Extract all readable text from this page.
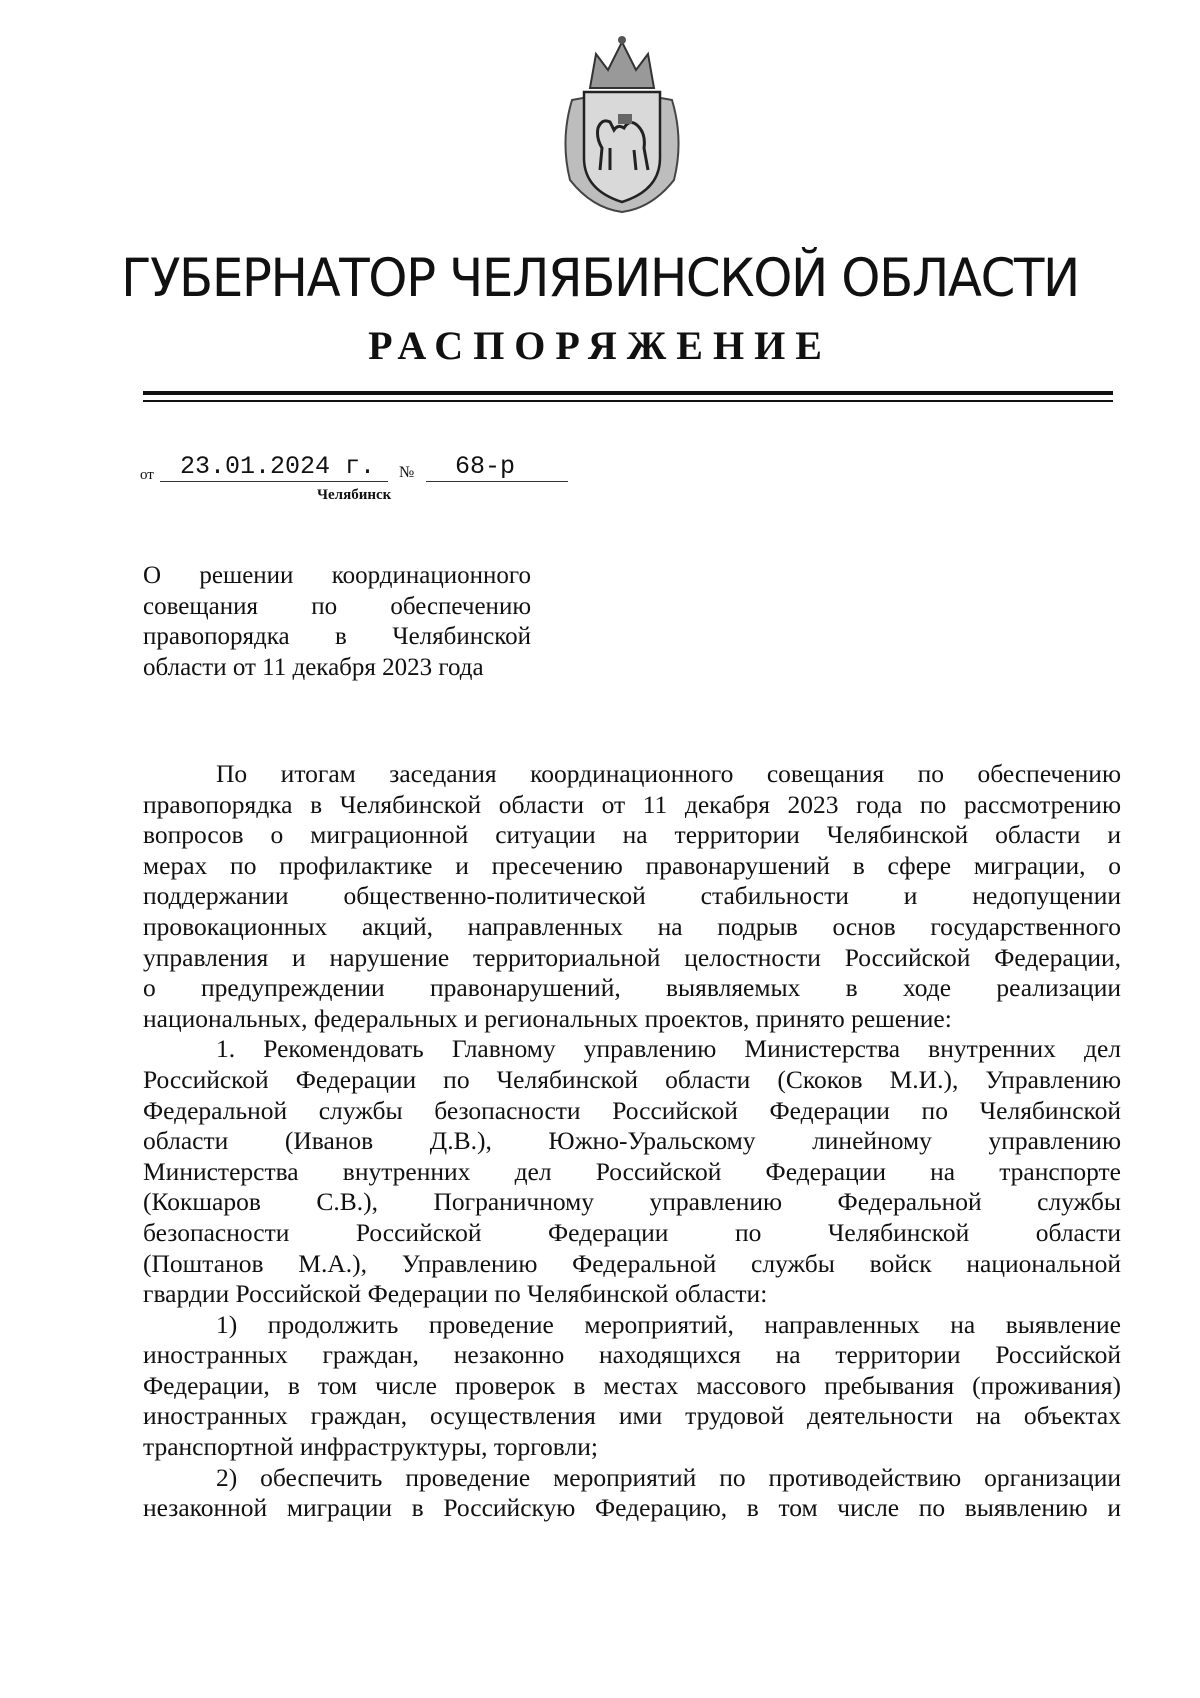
ГУБЕРНАТОР ЧЕЛЯБИНСКОЙ ОБЛАСТИ
РАСПОРЯЖЕНИЕ
от 23.01.2024 г. № 68-р
Челябинск
О решении координационного
совещания по обеспечению
правопорядка в Челябинской
области от 11 декабря 2023 года
По итогам заседания координационного совещания по обеспечению
правопорядка в Челябинской области от 11 декабря 2023 года по рассмотрению
вопросов о миграционной ситуации на территории Челябинской области и
мерах по профилактике и пресечению правонарушений в сфере миграции, о
поддержании общественно-политической стабильности и недопущении
провокационных акций, направленных на подрыв основ государственного
управления и нарушение территориальной целостности Российской Федерации,
о предупреждении правонарушений, выявляемых в ходе реализации
национальных, федеральных и региональных проектов, принято решение:
1. Рекомендовать Главному управлению Министерства внутренних дел
Российской Федерации по Челябинской области (Скоков М.И.), Управлению
Федеральной службы безопасности Российской Федерации по Челябинской
области (Иванов Д.В.), Южно-Уральскому линейному управлению
Министерства внутренних дел Российской Федерации на транспорте
(Кокшаров С.В.), Пограничному управлению Федеральной службы
безопасности Российской Федерации по Челябинской области
(Поштанов М.А.), Управлению Федеральной службы войск национальной
гвардии Российской Федерации по Челябинской области:
1) продолжить проведение мероприятий, направленных на выявление
иностранных граждан, незаконно находящихся на территории Российской
Федерации, в том числе проверок в местах массового пребывания (проживания)
иностранных граждан, осуществления ими трудовой деятельности на объектах
транспортной инфраструктуры, торговли;
2) обеспечить проведение мероприятий по противодействию организации
незаконной миграции в Российскую Федерацию, в том числе по выявлению и
